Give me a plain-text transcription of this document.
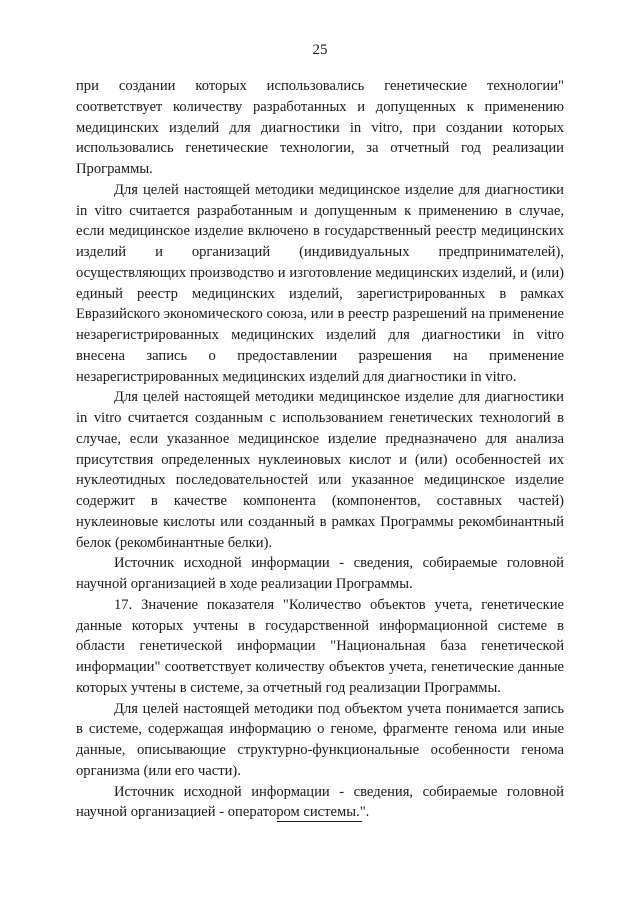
25

при создании которых использовались генетические технологии" соответствует количеству разработанных и допущенных к применению медицинских изделий для диагностики in vitro, при создании которых использовались генетические технологии, за отчетный год реализации Программы.

Для целей настоящей методики медицинское изделие для диагностики in vitro считается разработанным и допущенным к применению в случае, если медицинское изделие включено в государственный реестр медицинских изделий и организаций (индивидуальных предпринимателей), осуществляющих производство и изготовление медицинских изделий, и (или) единый реестр медицинских изделий, зарегистрированных в рамках Евразийского экономического союза, или в реестр разрешений на применение незарегистрированных медицинских изделий для диагностики in vitro внесена запись о предоставлении разрешения на применение незарегистрированных медицинских изделий для диагностики in vitro.

Для целей настоящей методики медицинское изделие для диагностики in vitro считается созданным с использованием генетических технологий в случае, если указанное медицинское изделие предназначено для анализа присутствия определенных нуклеиновых кислот и (или) особенностей их нуклеотидных последовательностей или указанное медицинское изделие содержит в качестве компонента (компонентов, составных частей) нуклеиновые кислоты или созданный в рамках Программы рекомбинантный белок (рекомбинантные белки).

Источник исходной информации - сведения, собираемые головной научной организацией в ходе реализации Программы.

17. Значение показателя "Количество объектов учета, генетические данные которых учтены в государственной информационной системе в области генетической информации "Национальная база генетической информации" соответствует количеству объектов учета, генетические данные которых учтены в системе, за отчетный год реализации Программы.

Для целей настоящей методики под объектом учета понимается запись в системе, содержащая информацию о геноме, фрагменте генома или иные данные, описывающие структурно-функциональные особенности генома организма (или его части).

Источник исходной информации - сведения, собираемые головной научной организацией - оператором системы.".
